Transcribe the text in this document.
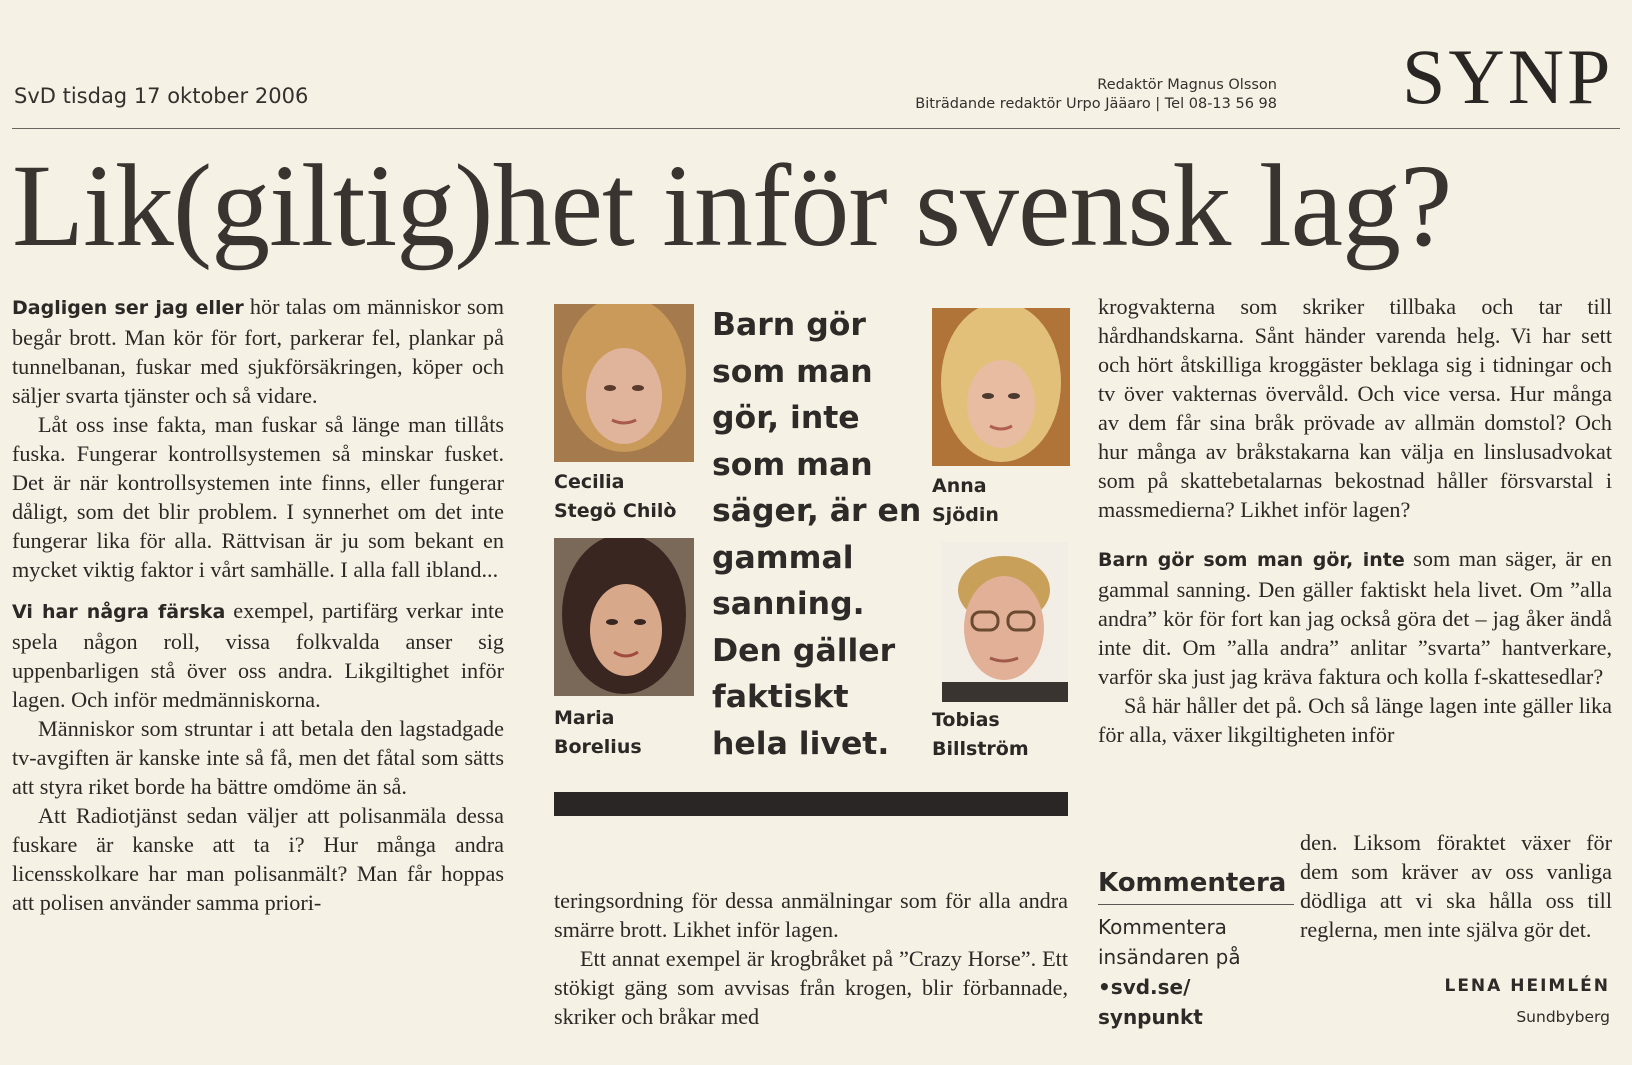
SvD tisdag 17 oktober 2006	Redaktör Magnus Olsson
Biträdande redaktör Urpo Jääaro | Tel 08-13 56 98 SYNP
Lik(giltig)het inför svensk lag?

Dagligen ser jag eller hör talas om människor som begår brott. Man kör för fort, parkerar fel, plankar på tunnelbanan, fuskar med sjukförsäkringen, köper och säljer svarta tjänster och så vidare.

Låt oss inse fakta, man fuskar så länge man tillåts fuska. Fungerar kontrollsystemen så minskar fusket. Det är när kontrollsystemen inte finns, eller fungerar dåligt, som det blir problem. I synnerhet om det inte fungerar lika för alla. Rättvisan är ju som bekant en mycket viktig faktor i vårt samhälle. I alla fall ibland...

Vi har några färska exempel, partifärg verkar inte spela någon roll, vissa folkvalda anser sig uppenbarligen stå över oss andra. Likgiltighet inför lagen. Och inför medmänniskorna.

Människor som struntar i att betala den lagstadgade tv-avgiften är kanske inte så få, men det fåtal som sätts att styra riket borde ha bättre omdöme än så.

Att Radiotjänst sedan väljer att polisanmäla dessa fuskare är kanske att ta i? Hur många andra licensskolkare har man polisanmält? Man får hoppas att polisen använder samma priori-

Cecilia
Stegö Chilò
Maria
Borelius
Anna
Sjödin
Tobias
Billström
Barn gör som man gör, inte som man säger, är en gammal sanning. Den gäller faktiskt hela livet.

teringsordning för dessa anmälningar som för alla andra smärre brott. Likhet inför lagen.

Ett annat exempel är krogbråket på ”Crazy Horse”. Ett stökigt gäng som avvisas från krogen, blir förbannade, skriker och bråkar med

krogvakterna som skriker tillbaka och tar till hårdhandskarna. Sånt händer varenda helg. Vi har sett och hört åtskilliga kroggäster beklaga sig i tidningar och tv över vakternas övervåld. Och vice versa. Hur många av dem får sina bråk prövade av allmän domstol? Och hur många av bråkstakarna kan välja en linslusadvokat som på skattebetalarnas bekostnad håller försvarstal i massmedierna? Likhet inför lagen?

Barn gör som man gör, inte som man säger, är en gammal sanning. Den gäller faktiskt hela livet. Om ”alla andra” kör för fort kan jag också göra det – jag åker ändå inte dit. Om ”alla andra” anlitar ”svarta” hantverkare, varför ska just jag kräva faktura och kolla f-skattesedlar?

Så här håller det på. Och så länge lagen inte gäller lika för alla, växer likgiltigheten inför

den. Liksom föraktet växer för dem som kräver av oss vanliga dödliga att vi ska hålla oss till reglerna, men inte själva gör det.

Kommentera
Kommentera
insändaren på
•svd.se/
synpunkt
LENA HEIMLÉN
Sundbyberg
